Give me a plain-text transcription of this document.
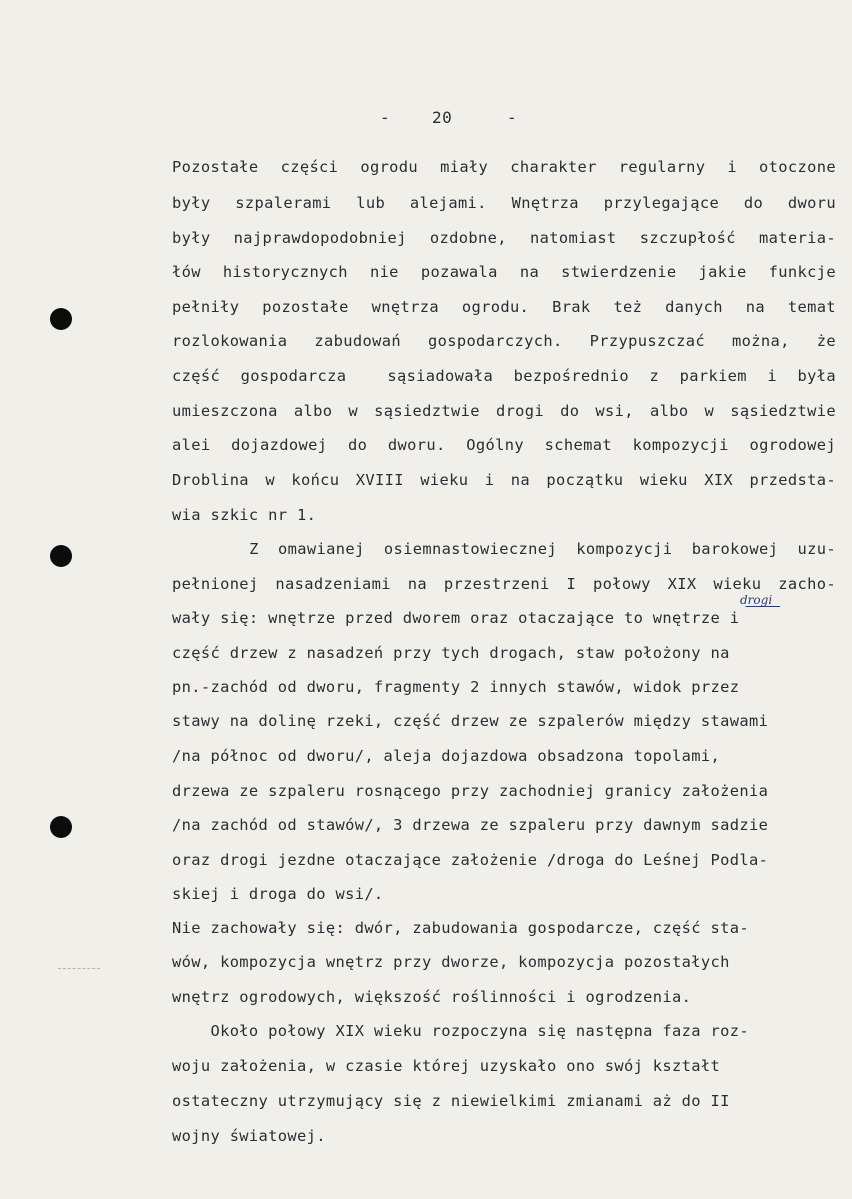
-	20	-
Pozostałe części ogrodu miały charakter regularny i otoczone
były szpalerami lub alejami. Wnętrza przylegające do dworu
były najprawdopodobniej ozdobne, natomiast szczupłość materia-
łów historycznych nie pozawala na stwierdzenie jakie funkcje
pełniły pozostałe wnętrza ogrodu. Brak też danych na temat
rozlokowania zabudowań gospodarczych. Przypuszczać można, że
część gospodarcza  sąsiadowała bezpośrednio z parkiem i była
umieszczona albo w sąsiedztwie drogi do wsi, albo w sąsiedztwie
alei dojazdowej do dworu. Ogólny schemat kompozycji ogrodowej
Droblina w końcu XVIII wieku i na początku wieku XIX przedsta-
wia szkic nr 1.
Z omawianej osiemnastowiecznej kompozycji barokowej uzu-
pełnionej nasadzeniami na przestrzeni I połowy XIX wieku zacho-
wały się: wnętrze przed dworem oraz otaczające to wnętrze i
część drzew z nasadzeń przy tych drogach, staw położony na
pn.-zachód od dworu, fragmenty 2 innych stawów, widok przez
stawy na dolinę rzeki, część drzew ze szpalerów między stawami
/na północ od dworu/, aleja dojazdowa obsadzona topolami,
drzewa ze szpaleru rosnącego przy zachodniej granicy założenia
/na zachód od stawów/, 3 drzewa ze szpaleru przy dawnym sadzie
oraz drogi jezdne otaczające założenie /droga do Leśnej Podla-
skiej i droga do wsi/.
Nie zachowały się: dwór, zabudowania gospodarcze, część sta-
wów, kompozycja wnętrz przy dworze, kompozycja pozostałych
wnętrz ogrodowych, większość roślinności i ogrodzenia.
Około połowy XIX wieku rozpoczyna się następna faza roz-
woju założenia, w czasie której uzyskało ono swój kształt
ostateczny utrzymujący się z niewielkimi zmianami aż do II
wojny światowej.
drogi
